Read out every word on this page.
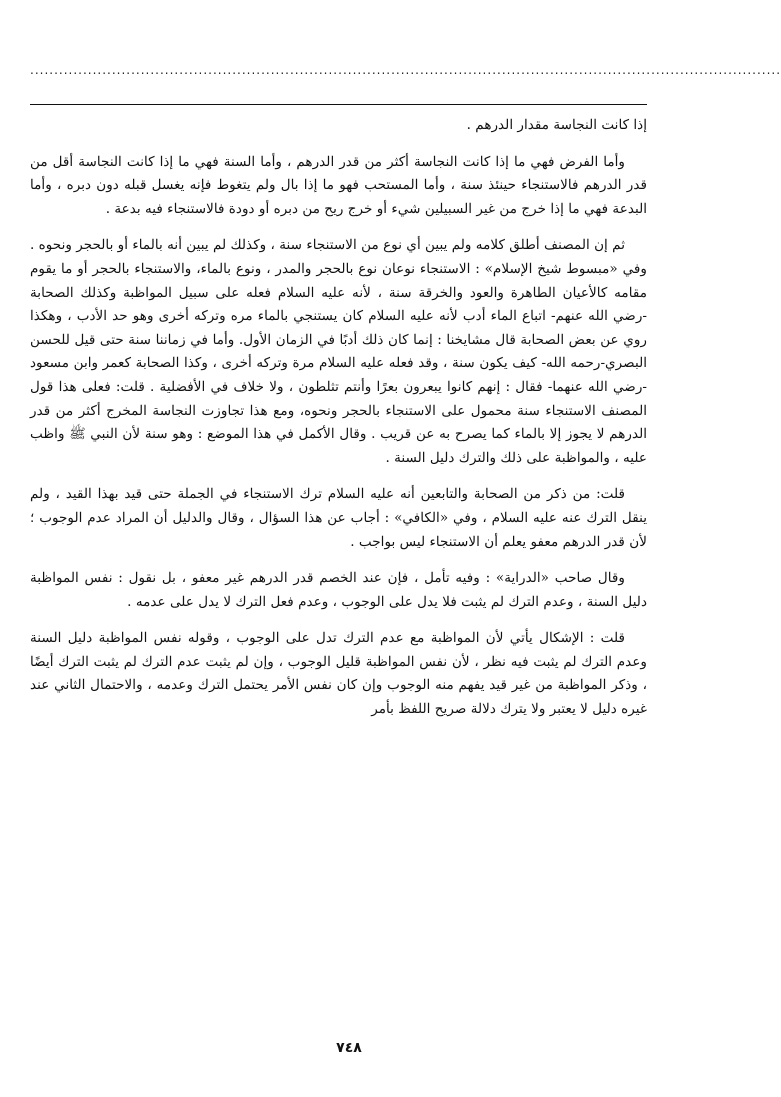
............................................................................................................................................................

إذا كانت النجاسة مقدار الدرهم .

وأما الفرض فهي ما إذا كانت النجاسة أكثر من قدر الدرهم ، وأما السنة فهي ما إذا كانت النجاسة أقل من قدر الدرهم فالاستنجاء حينئذ سنة ، وأما المستحب فهو ما إذا بال ولم يتغوط فإنه يغسل قبله دون دبره ، وأما البدعة فهي ما إذا خرج من غير السبيلين شيء أو خرج ريح من دبره أو دودة فالاستنجاء فيه بدعة .

ثم إن المصنف أطلق كلامه ولم يبين أي نوع من الاستنجاء سنة ، وكذلك لم يبين أنه بالماء أو بالحجر ونحوه . وفي «مبسوط شيخ الإسلام» : الاستنجاء نوعان نوع بالحجر والمدر ، ونوع بالماء، والاستنجاء بالحجر أو ما يقوم مقامه كالأعيان الطاهرة والعود والخرقة سنة ، لأنه عليه السلام فعله على سبيل المواظبة وكذلك الصحابة -رضي الله عنهم- اتباع الماء أدب لأنه عليه السلام كان يستنجي بالماء مره وتركه أخرى وهو حد الأدب ، وهكذا روي عن بعض الصحابة قال مشايخنا : إنما كان ذلك أدبًا في الزمان الأول. وأما في زماننا سنة حتى قيل للحسن البصري-رحمه الله- كيف يكون سنة ، وقد فعله عليه السلام مرة وتركه أخرى ، وكذا الصحابة كعمر وابن مسعود -رضي الله عنهما- فقال : إنهم كانوا يبعرون بعرًا وأنتم تثلطون ، ولا خلاف في الأفضلية . قلت: فعلى هذا قول المصنف الاستنجاء سنة محمول على الاستنجاء بالحجر ونحوه، ومع هذا تجاوزت النجاسة المخرج أكثر من قدر الدرهم لا يجوز إلا بالماء كما يصرح به عن قريب . وقال الأكمل في هذا الموضع : وهو سنة لأن النبي ﷺ واظب عليه ، والمواظبة على ذلك والترك دليل السنة .

قلت: من ذكر من الصحابة والتابعين أنه عليه السلام ترك الاستنجاء في الجملة حتى قيد بهذا القيد ، ولم ينقل الترك عنه عليه السلام ، وفي «الكافي» : أجاب عن هذا السؤال ، وقال والدليل أن المراد عدم الوجوب ؛ لأن قدر الدرهم معفو يعلم أن الاستنجاء ليس بواجب .

وقال صاحب «الدراية» : وفيه تأمل ، فإن عند الخصم قدر الدرهم غير معفو ، بل نقول : نفس المواظبة دليل السنة ، وعدم الترك لم يثبت فلا يدل على الوجوب ، وعدم فعل الترك لا يدل على عدمه .

قلت : الإشكال يأتي لأن المواظبة مع عدم الترك تدل على الوجوب ، وقوله نفس المواظبة دليل السنة وعدم الترك لم يثبت فيه نظر ، لأن نفس المواظبة قليل الوجوب ، وإن لم يثبت عدم الترك لم يثبت الترك أيضًا ، وذكر المواظبة من غير قيد يفهم منه الوجوب وإن كان نفس الأمر يحتمل الترك وعدمه ، والاحتمال الثاني عند غيره دليل لا يعتبر ولا يترك دلالة صريح اللفظ بأمر

٧٤٨
